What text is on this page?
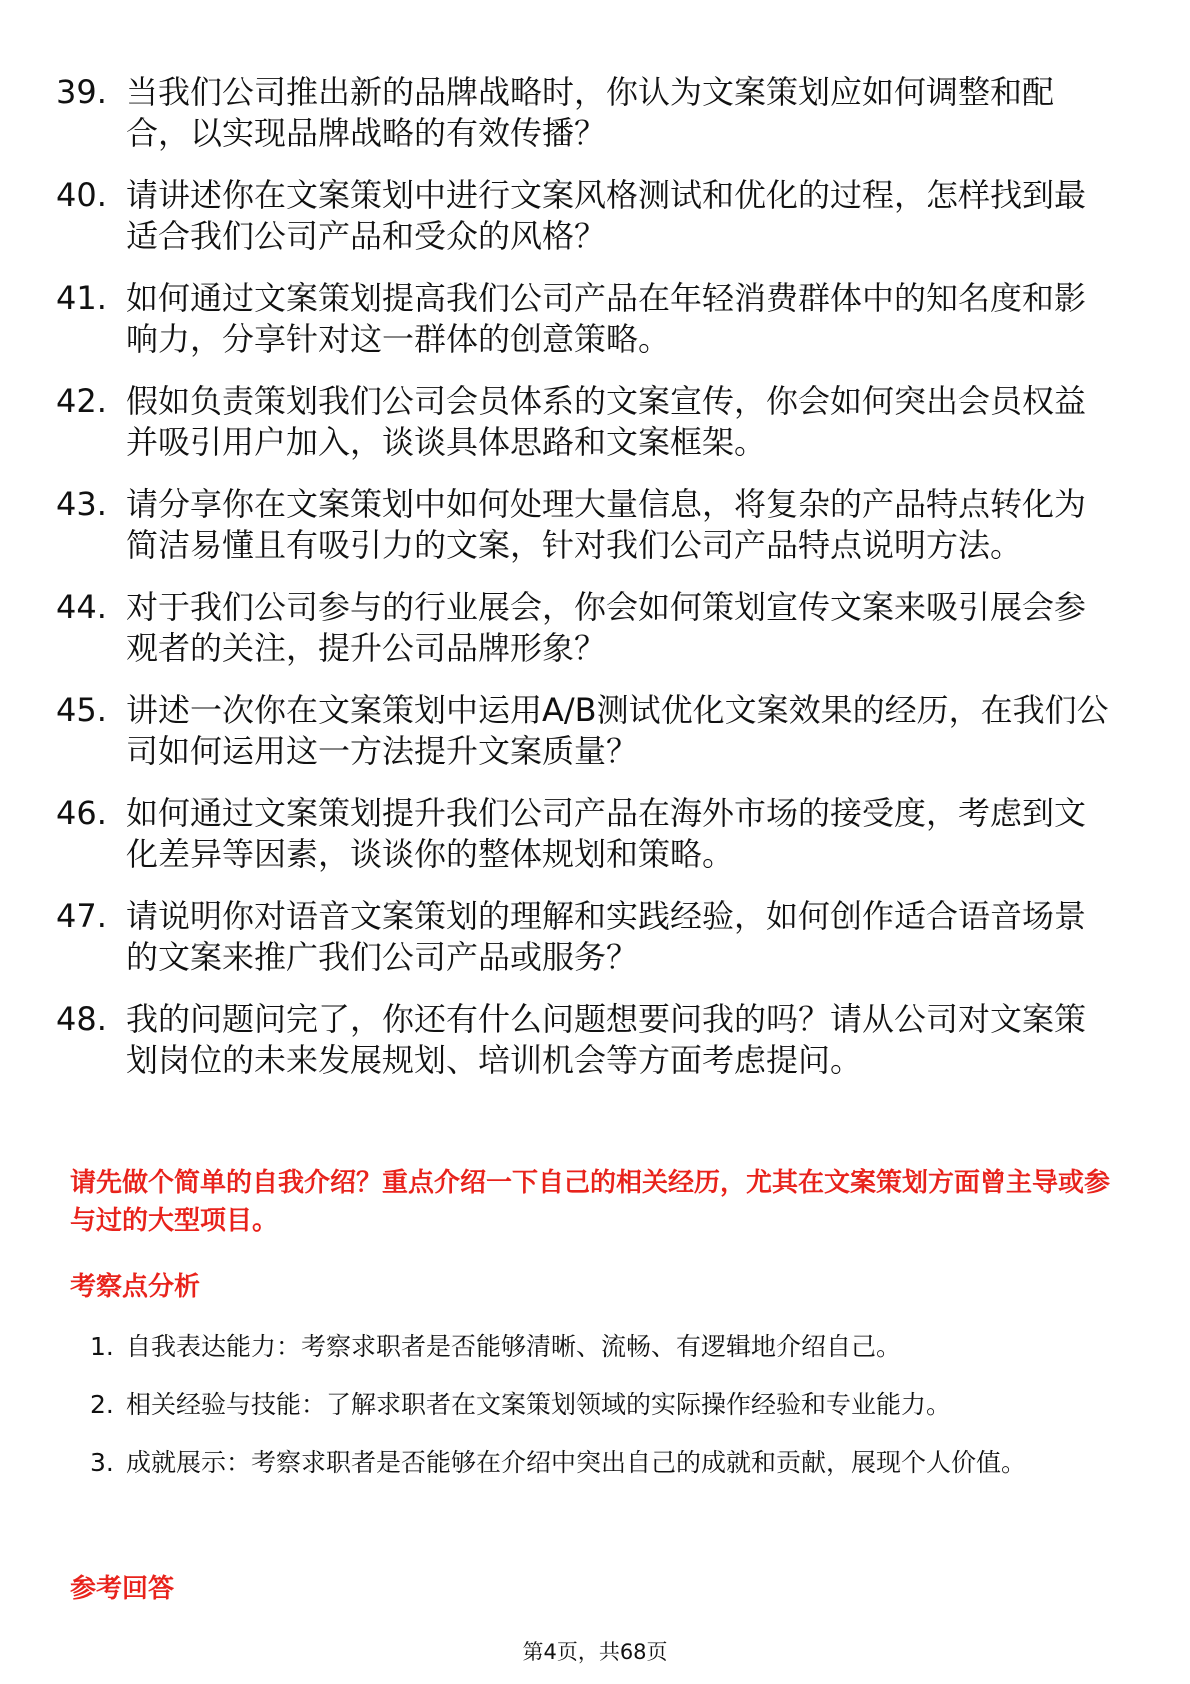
39. 当我们公司推出新的品牌战略时，你认为文案策划应如何调整和配合，以实现品牌战略的有效传播？
40. 请讲述你在文案策划中进行文案风格测试和优化的过程，怎样找到最适合我们公司产品和受众的风格？
41. 如何通过文案策划提高我们公司产品在年轻消费群体中的知名度和影响力，分享针对这一群体的创意策略。
42. 假如负责策划我们公司会员体系的文案宣传，你会如何突出会员权益并吸引用户加入，谈谈具体思路和文案框架。
43. 请分享你在文案策划中如何处理大量信息，将复杂的产品特点转化为简洁易懂且有吸引力的文案，针对我们公司产品特点说明方法。
44. 对于我们公司参与的行业展会，你会如何策划宣传文案来吸引展会参观者的关注，提升公司品牌形象？
45. 讲述一次你在文案策划中运用A/B测试优化文案效果的经历，在我们公司如何运用这一方法提升文案质量？
46. 如何通过文案策划提升我们公司产品在海外市场的接受度，考虑到文化差异等因素，谈谈你的整体规划和策略。
47. 请说明你对语音文案策划的理解和实践经验，如何创作适合语音场景的文案来推广我们公司产品或服务？
48. 我的问题问完了，你还有什么问题想要问我的吗？请从公司对文案策划岗位的未来发展规划、培训机会等方面考虑提问。
请先做个简单的自我介绍？重点介绍一下自己的相关经历，尤其在文案策划方面曾主导或参与过的大型项目。
考察点分析
1. 自我表达能力：考察求职者是否能够清晰、流畅、有逻辑地介绍自己。
2. 相关经验与技能：了解求职者在文案策划领域的实际操作经验和专业能力。
3. 成就展示：考察求职者是否能够在介绍中突出自己的成就和贡献，展现个人价值。
参考回答
第4页，共68页
